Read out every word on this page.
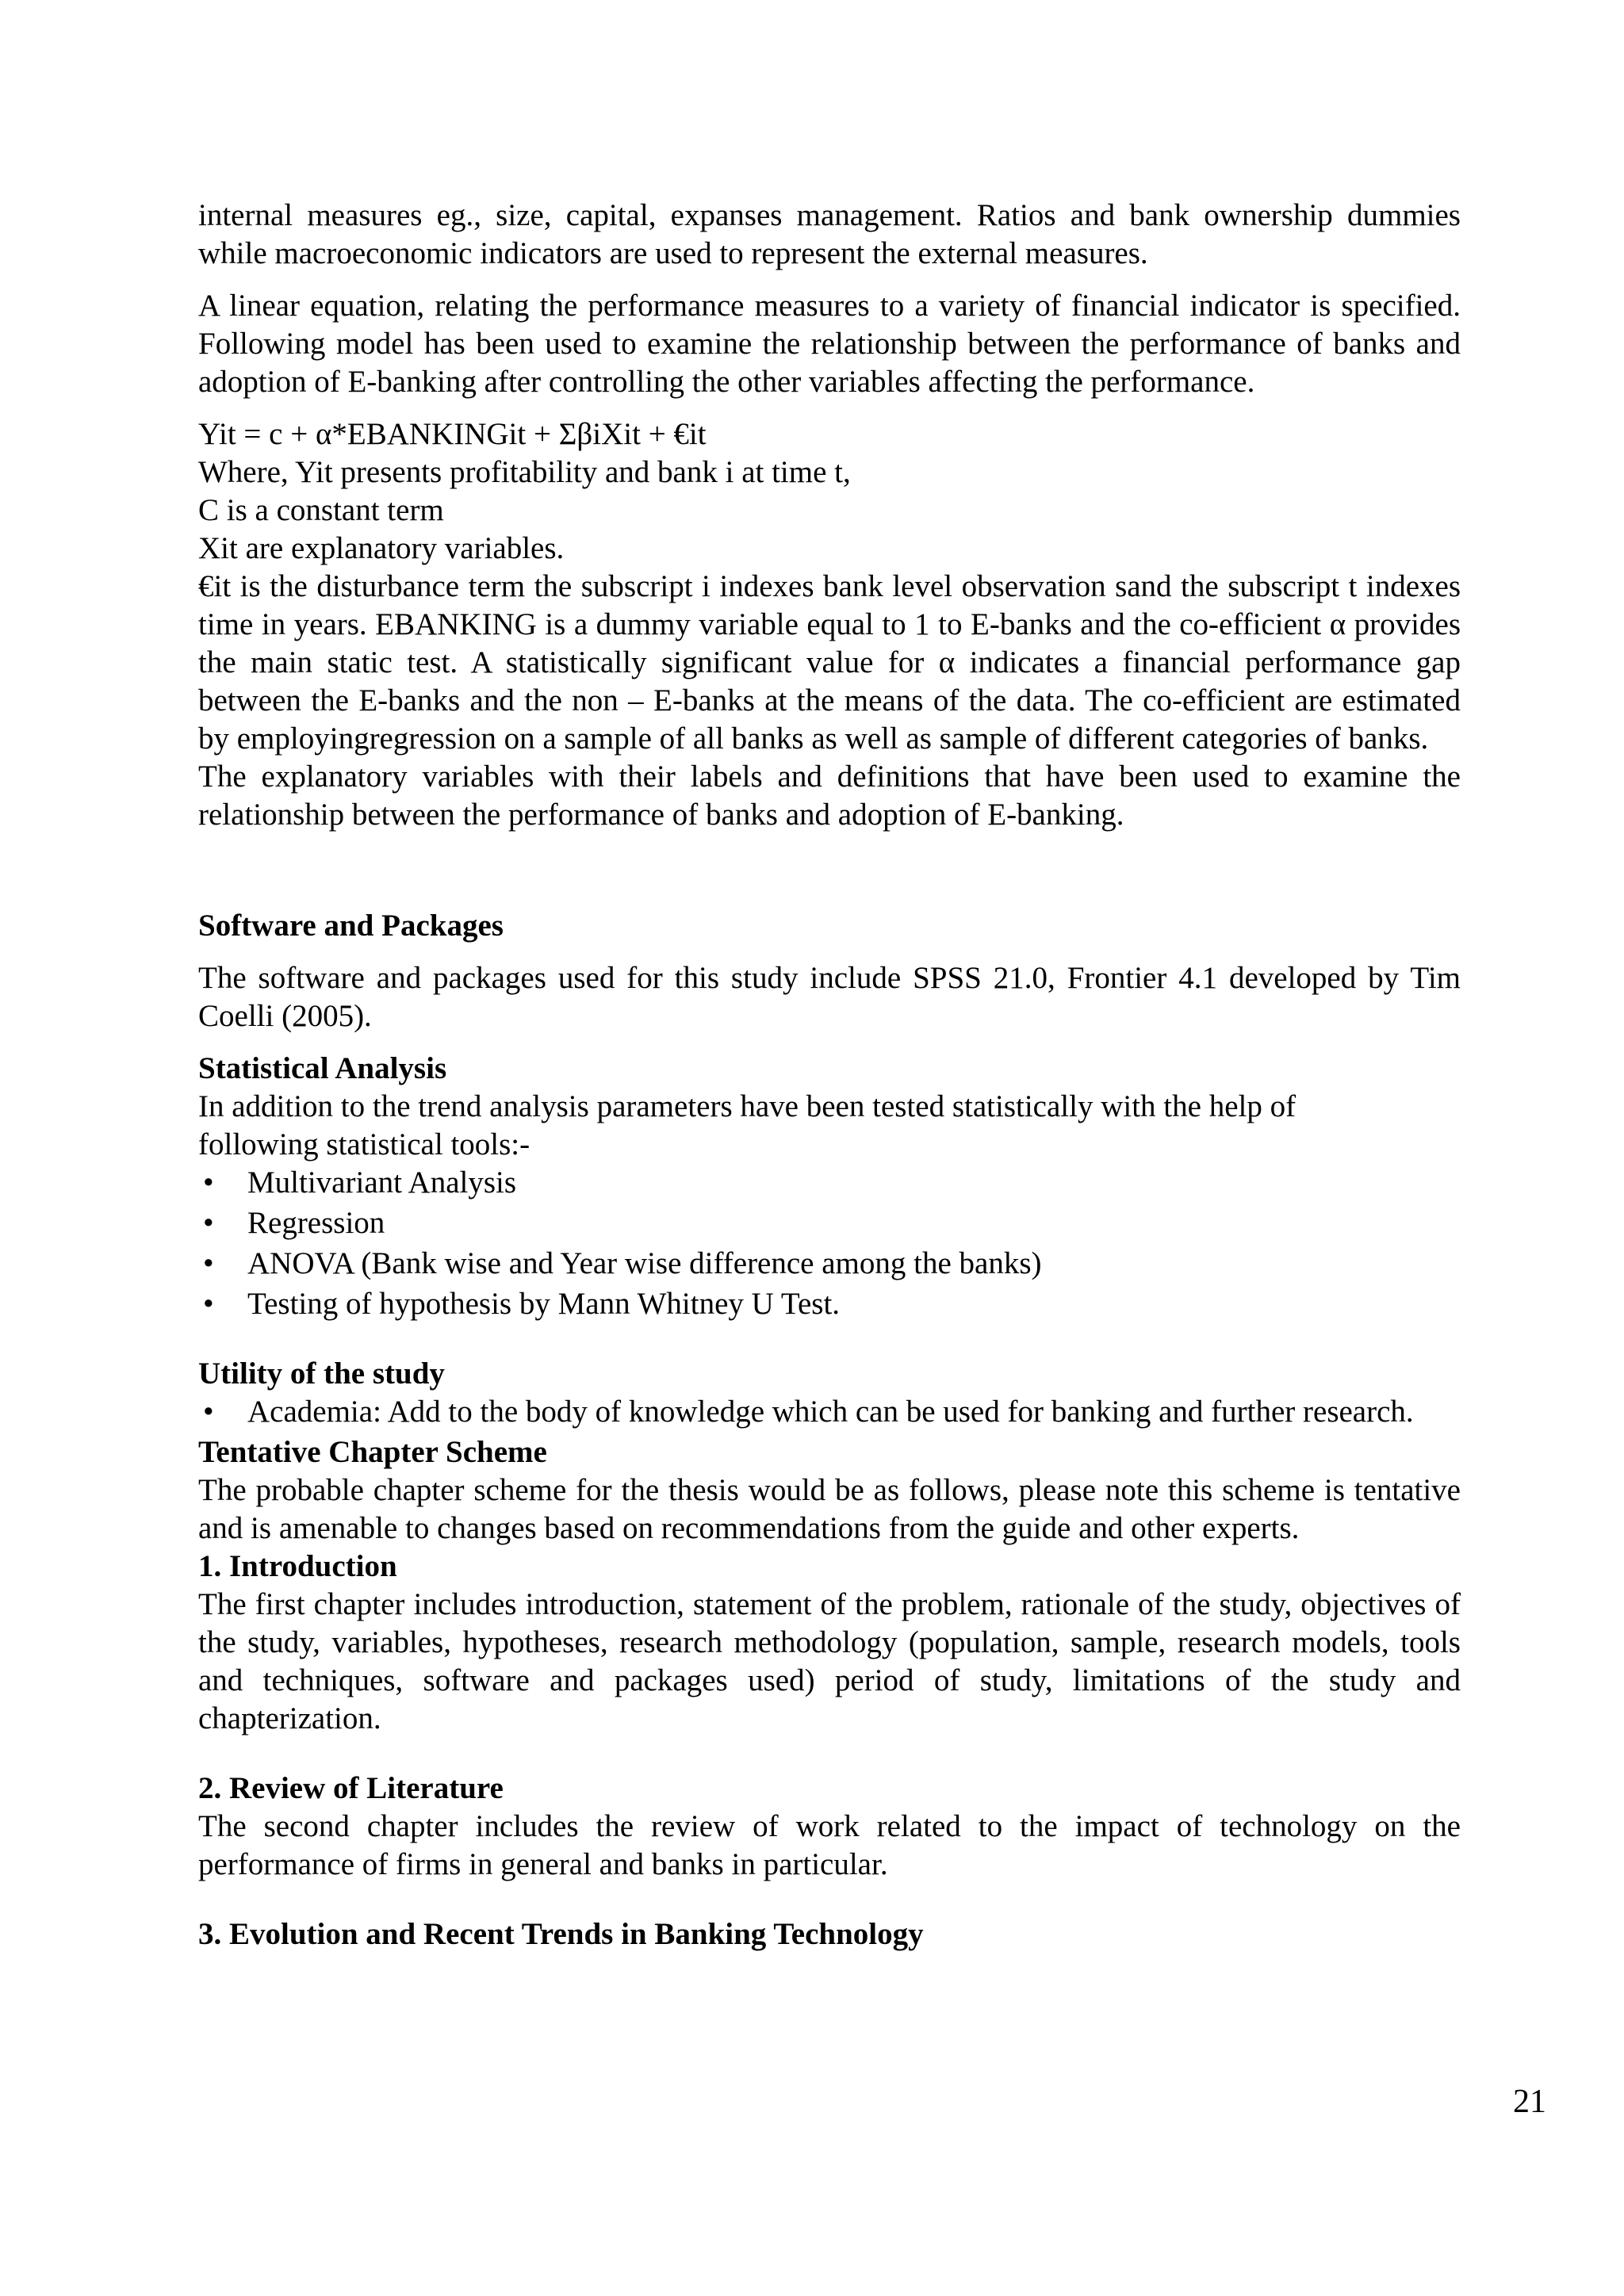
internal measures eg., size, capital, expanses management. Ratios and bank ownership dummies while macroeconomic indicators are used to represent the external measures.

A linear equation, relating the performance measures to a variety of financial indicator is specified. Following model has been used to examine the relationship between the performance of banks and adoption of E-banking after controlling the other variables affecting the performance.

Yit = c + α*EBANKINGit + ΣβiXit + €it

Where, Yit presents profitability and bank i at time t,

C is a constant term

Xit are explanatory variables.

€it is the disturbance term the subscript i indexes bank level observation sand the subscript t indexes time in years. EBANKING is a dummy variable equal to 1 to E-banks and the co-efficient α provides the main static test. A statistically significant value for α indicates a financial performance gap between the E-banks and the non – E-banks at the means of the data. The co-efficient are estimated by employingregression on a sample of all banks as well as sample of different categories of banks.

The explanatory variables with their labels and definitions that have been used to examine the relationship between the performance of banks and adoption of E-banking.

Software and Packages

The software and packages used for this study include SPSS 21.0, Frontier 4.1 developed by Tim Coelli (2005).

Statistical Analysis

In addition to the trend analysis parameters have been tested statistically with the help of

following statistical tools:-

• Multivariant Analysis
• Regression
• ANOVA (Bank wise and Year wise difference among the banks)
• Testing of hypothesis by Mann Whitney U Test.

Utility of the study

• Academia: Add to the body of knowledge which can be used for banking and further research.

Tentative Chapter Scheme

The probable chapter scheme for the thesis would be as follows, please note this scheme is tentative and is amenable to changes based on recommendations from the guide and other experts.

1. Introduction

The first chapter includes introduction, statement of the problem, rationale of the study, objectives of the study, variables, hypotheses, research methodology (population, sample, research models, tools and techniques, software and packages used) period of study, limitations of the study and chapterization.

2. Review of Literature

The second chapter includes the review of work related to the impact of technology on the performance of firms in general and banks in particular.

3. Evolution and Recent Trends in Banking Technology

21
